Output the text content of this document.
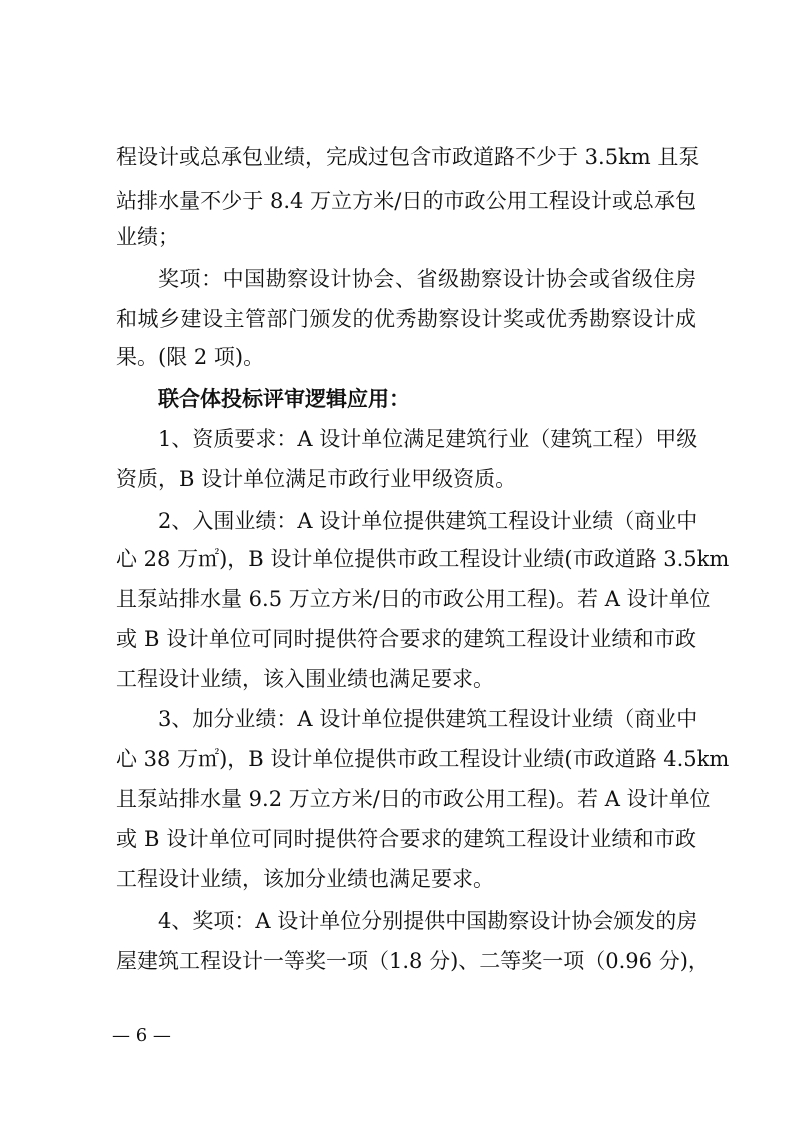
程设计或总承包业绩，完成过包含市政道路不少于 3.5km 且泵
站排水量不少于 8.4 万立方米/日的市政公用工程设计或总承包
业绩；
奖项：中国勘察设计协会、省级勘察设计协会或省级住房
和城乡建设主管部门颁发的优秀勘察设计奖或优秀勘察设计成
果。(限 2 项)。
联合体投标评审逻辑应用：
1、资质要求：A 设计单位满足建筑行业（建筑工程）甲级
资质，B 设计单位满足市政行业甲级资质。
2、入围业绩：A 设计单位提供建筑工程设计业绩（商业中
心 28 万㎡)，B 设计单位提供市政工程设计业绩(市政道路 3.5km
且泵站排水量 6.5 万立方米/日的市政公用工程)。若 A 设计单位
或 B 设计单位可同时提供符合要求的建筑工程设计业绩和市政
工程设计业绩，该入围业绩也满足要求。
3、加分业绩：A 设计单位提供建筑工程设计业绩（商业中
心 38 万㎡)，B 设计单位提供市政工程设计业绩(市政道路 4.5km
且泵站排水量 9.2 万立方米/日的市政公用工程)。若 A 设计单位
或 B 设计单位可同时提供符合要求的建筑工程设计业绩和市政
工程设计业绩，该加分业绩也满足要求。
4、奖项：A 设计单位分别提供中国勘察设计协会颁发的房
屋建筑工程设计一等奖一项（1.8 分)、二等奖一项（0.96 分)，
— 6 —
